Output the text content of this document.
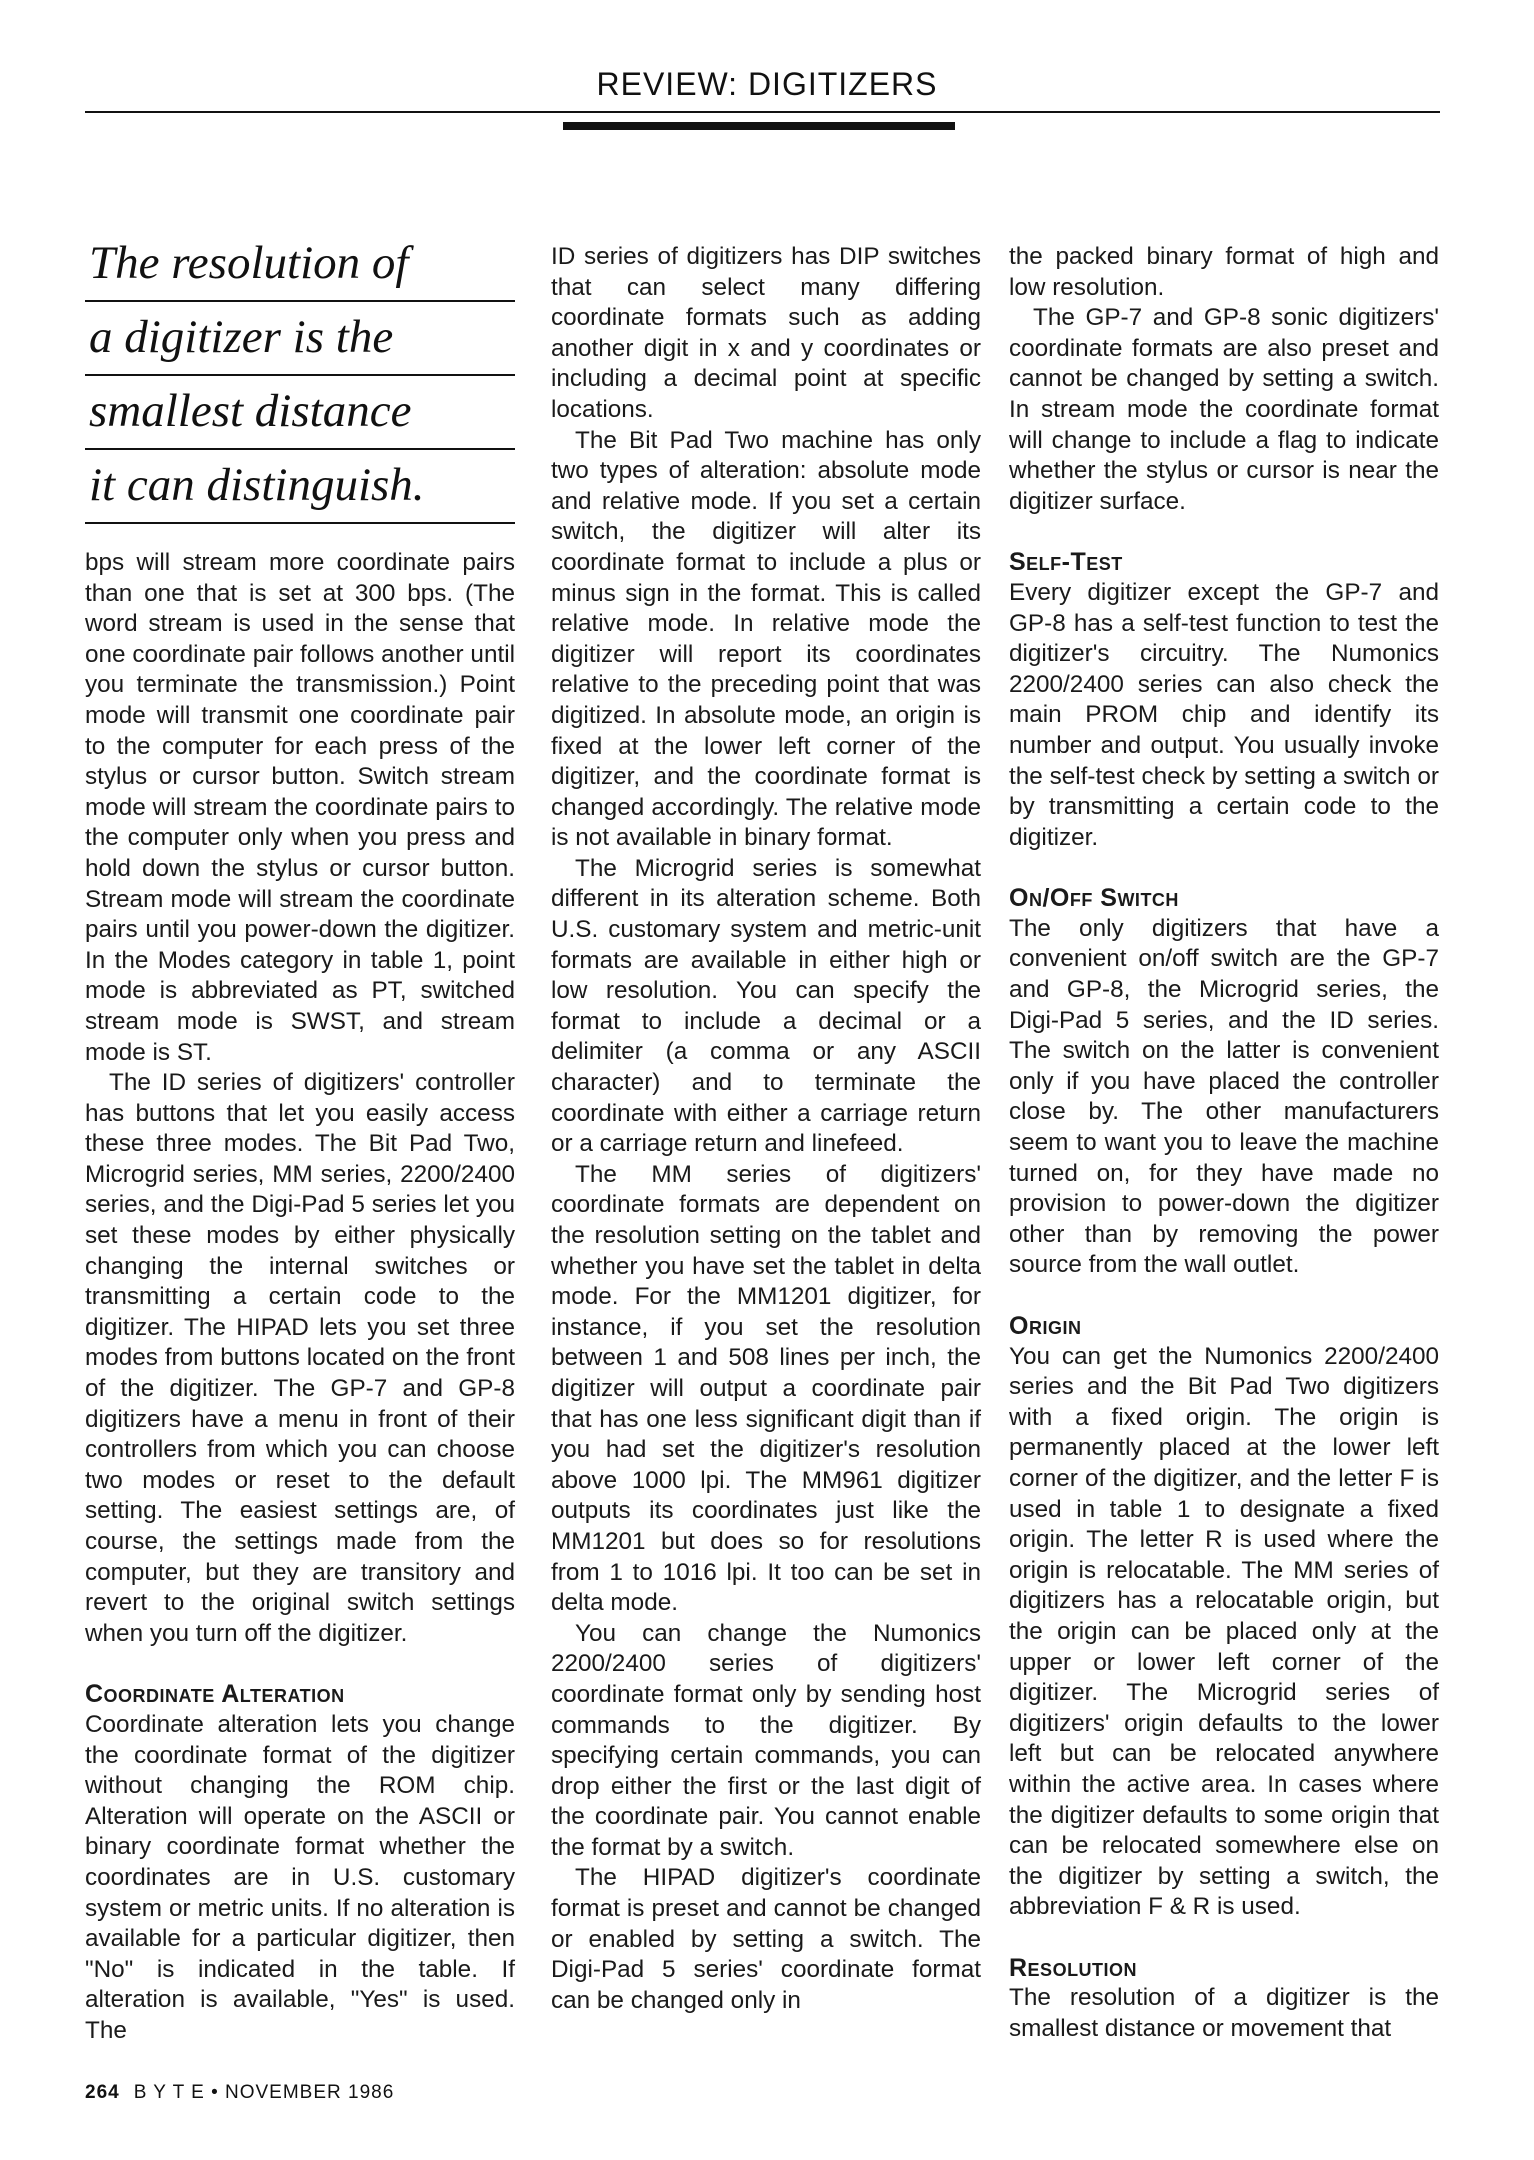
REVIEW: DIGITIZERS
The resolution of
a digitizer is the
smallest distance
it can distinguish.

bps will stream more coordinate pairs than one that is set at 300 bps. (The word stream is used in the sense that one coordinate pair follows another until you terminate the transmission.) Point mode will transmit one coordinate pair to the computer for each press of the stylus or cursor button. Switch stream mode will stream the coordinate pairs to the computer only when you press and hold down the stylus or cursor button. Stream mode will stream the coordinate pairs until you power-down the digitizer. In the Modes category in table 1, point mode is abbreviated as PT, switched stream mode is SWST, and stream mode is ST.

The ID series of digitizers' controller has buttons that let you easily access these three modes. The Bit Pad Two, Microgrid series, MM series, 2200/2400 series, and the Digi-Pad 5 series let you set these modes by either physically changing the internal switches or transmitting a certain code to the digitizer. The HIPAD lets you set three modes from buttons located on the front of the digitizer. The GP-7 and GP-8 digitizers have a menu in front of their controllers from which you can choose two modes or reset to the default setting. The easiest settings are, of course, the settings made from the computer, but they are transitory and revert to the original switch settings when you turn off the digitizer.

Coordinate Alteration

Coordinate alteration lets you change the coordinate format of the digitizer without changing the ROM chip. Alteration will operate on the ASCII or binary coordinate format whether the coordinates are in U.S. customary system or metric units. If no alteration is available for a particular digitizer, then "No" is indicated in the table. If alteration is available, "Yes" is used. The

ID series of digitizers has DIP switches that can select many differing coordinate formats such as adding another digit in x and y coordinates or including a decimal point at specific locations.

The Bit Pad Two machine has only two types of alteration: absolute mode and relative mode. If you set a certain switch, the digitizer will alter its coordinate format to include a plus or minus sign in the format. This is called relative mode. In relative mode the digitizer will report its coordinates relative to the preceding point that was digitized. In absolute mode, an origin is fixed at the lower left corner of the digitizer, and the coordinate format is changed accordingly. The relative mode is not available in binary format.

The Microgrid series is somewhat different in its alteration scheme. Both U.S. customary system and metric-unit formats are available in either high or low resolution. You can specify the format to include a decimal or a delimiter (a comma or any ASCII character) and to terminate the coordinate with either a carriage return or a carriage return and linefeed.

The MM series of digitizers' coordinate formats are dependent on the resolution setting on the tablet and whether you have set the tablet in delta mode. For the MM1201 digitizer, for instance, if you set the resolution between 1 and 508 lines per inch, the digitizer will output a coordinate pair that has one less significant digit than if you had set the digitizer's resolution above 1000 lpi. The MM961 digitizer outputs its coordinates just like the MM1201 but does so for resolutions from 1 to 1016 lpi. It too can be set in delta mode.

You can change the Numonics 2200/2400 series of digitizers' coordinate format only by sending host commands to the digitizer. By specifying certain commands, you can drop either the first or the last digit of the coordinate pair. You cannot enable the format by a switch.

The HIPAD digitizer's coordinate format is preset and cannot be changed or enabled by setting a switch. The Digi-Pad 5 series' coordinate format can be changed only in

the packed binary format of high and low resolution.

The GP-7 and GP-8 sonic digitizers' coordinate formats are also preset and cannot be changed by setting a switch. In stream mode the coordinate format will change to include a flag to indicate whether the stylus or cursor is near the digitizer surface.

Self-Test

Every digitizer except the GP-7 and GP-8 has a self-test function to test the digitizer's circuitry. The Numonics 2200/2400 series can also check the main PROM chip and identify its number and output. You usually invoke the self-test check by setting a switch or by transmitting a certain code to the digitizer.

On/Off Switch

The only digitizers that have a convenient on/off switch are the GP-7 and GP-8, the Microgrid series, the Digi-Pad 5 series, and the ID series. The switch on the latter is convenient only if you have placed the controller close by. The other manufacturers seem to want you to leave the machine turned on, for they have made no provision to power-down the digitizer other than by removing the power source from the wall outlet.

Origin

You can get the Numonics 2200/2400 series and the Bit Pad Two digitizers with a fixed origin. The origin is permanently placed at the lower left corner of the digitizer, and the letter F is used in table 1 to designate a fixed origin. The letter R is used where the origin is relocatable. The MM series of digitizers has a relocatable origin, but the origin can be placed only at the upper or lower left corner of the digitizer. The Microgrid series of digitizers' origin defaults to the lower left but can be relocated anywhere within the active area. In cases where the digitizer defaults to some origin that can be relocated somewhere else on the digitizer by setting a switch, the abbreviation F & R is used.

Resolution

The resolution of a digitizer is the smallest distance or movement that

264 B Y T E • NOVEMBER 1986
